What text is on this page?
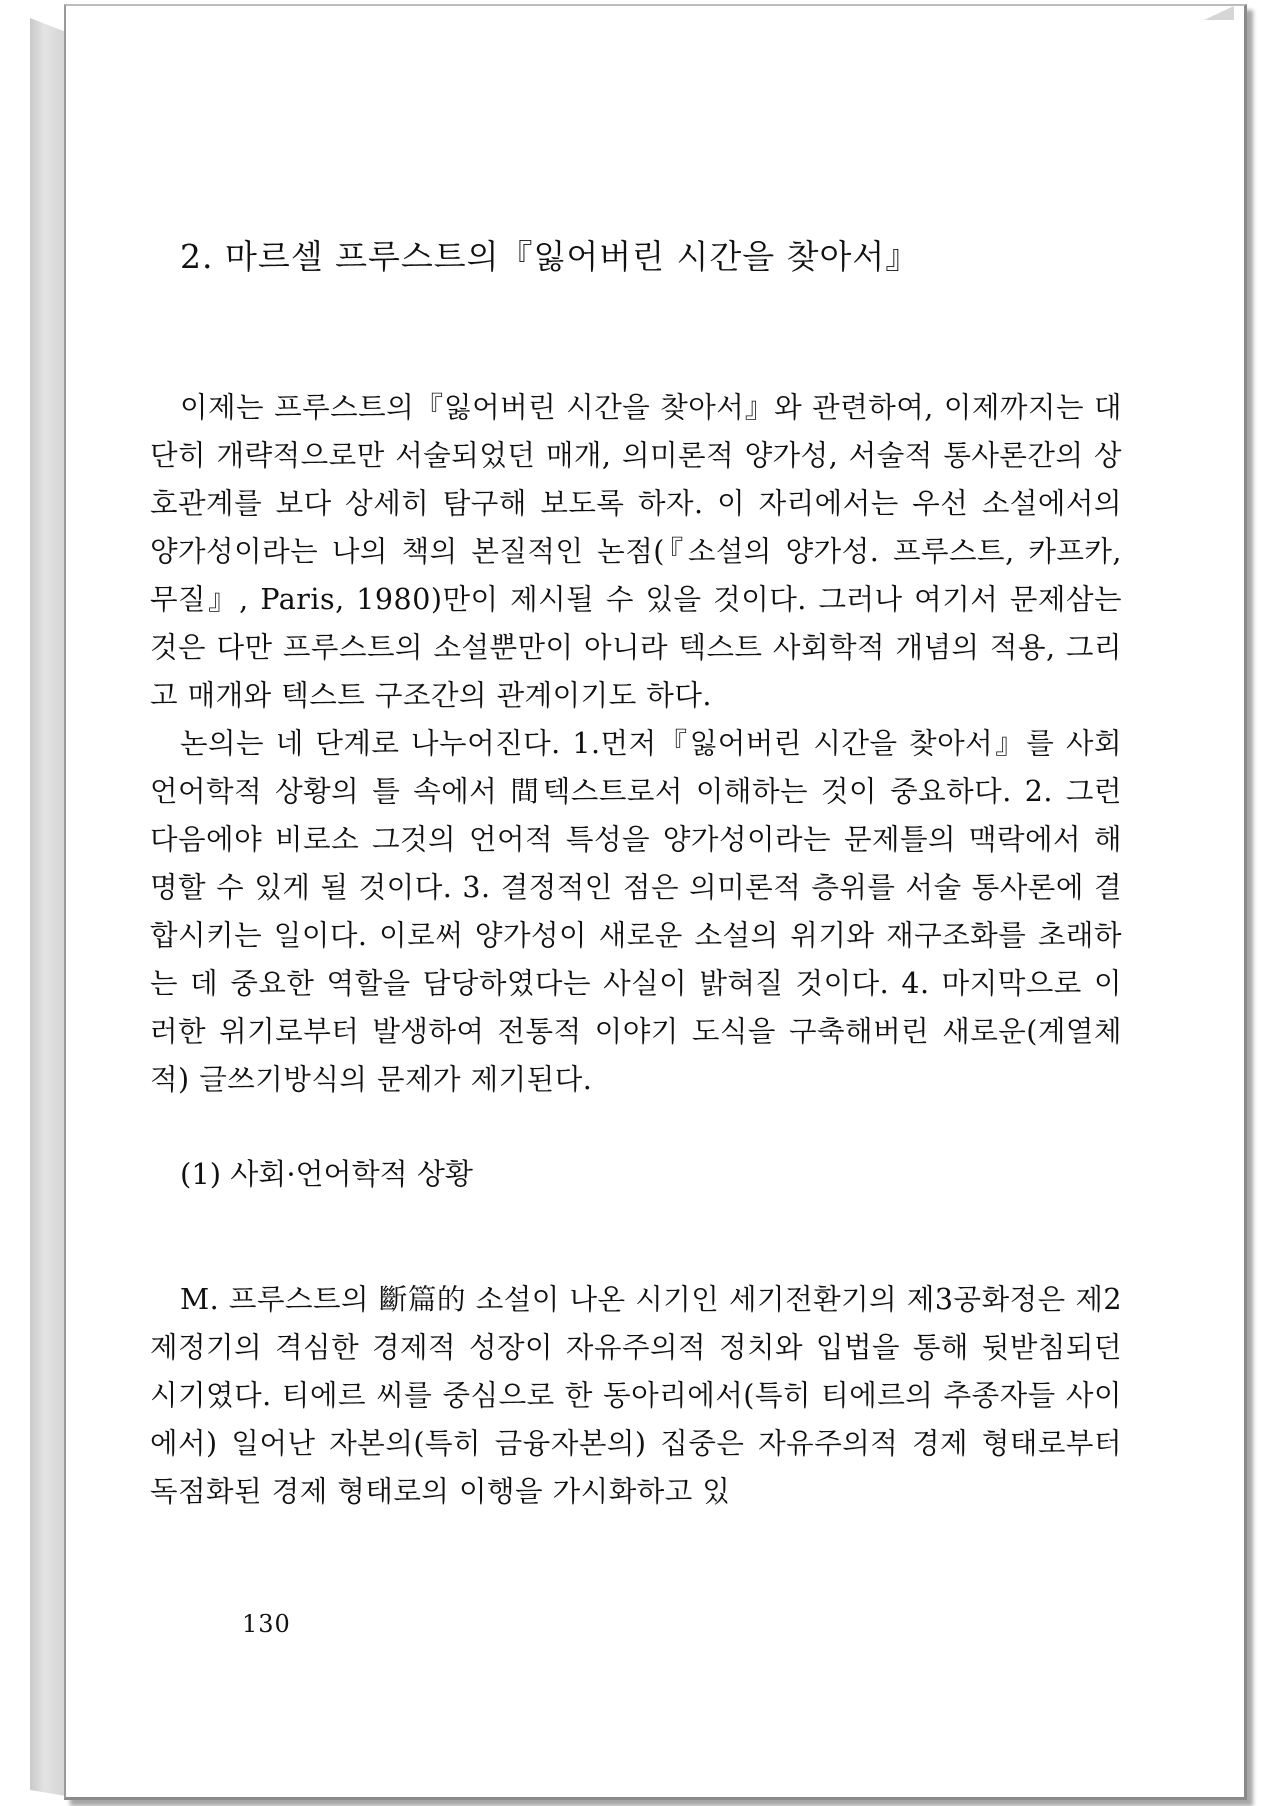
2. 마르셀 프루스트의『잃어버린 시간을 찾아서』

이제는 프루스트의『잃어버린 시간을 찾아서』와 관련하여, 이제까지는 대단히 개략적으로만 서술되었던 매개, 의미론적 양가성, 서술적 통사론간의 상호관계를 보다 상세히 탐구해 보도록 하자. 이 자리에서는 우선 소설에서의 양가성이라는 나의 책의 본질적인 논점(『소설의 양가성. 프루스트, 카프카, 무질』, Paris, 1980)만이 제시될 수 있을 것이다. 그러나 여기서 문제삼는 것은 다만 프루스트의 소설뿐만이 아니라 텍스트 사회학적 개념의 적용, 그리고 매개와 텍스트 구조간의 관계이기도 하다.

논의는 네 단계로 나누어진다. 1.먼저『잃어버린 시간을 찾아서』를 사회언어학적 상황의 틀 속에서 間텍스트로서 이해하는 것이 중요하다. 2. 그런 다음에야 비로소 그것의 언어적 특성을 양가성이라는 문제틀의 맥락에서 해명할 수 있게 될 것이다. 3. 결정적인 점은 의미론적 층위를 서술 통사론에 결합시키는 일이다. 이로써 양가성이 새로운 소설의 위기와 재구조화를 초래하는 데 중요한 역할을 담당하였다는 사실이 밝혀질 것이다. 4. 마지막으로 이러한 위기로부터 발생하여 전통적 이야기 도식을 구축해버린 새로운(계열체적) 글쓰기방식의 문제가 제기된다.

(1) 사회·언어학적 상황

M. 프루스트의 斷篇的 소설이 나온 시기인 세기전환기의 제3공화정은 제2제정기의 격심한 경제적 성장이 자유주의적 정치와 입법을 통해 뒷받침되던 시기였다. 티에르 씨를 중심으로 한 동아리에서(특히 티에르의 추종자들 사이에서) 일어난 자본의(특히 금융자본의) 집중은 자유주의적 경제 형태로부터 독점화된 경제 형태로의 이행을 가시화하고 있

130
